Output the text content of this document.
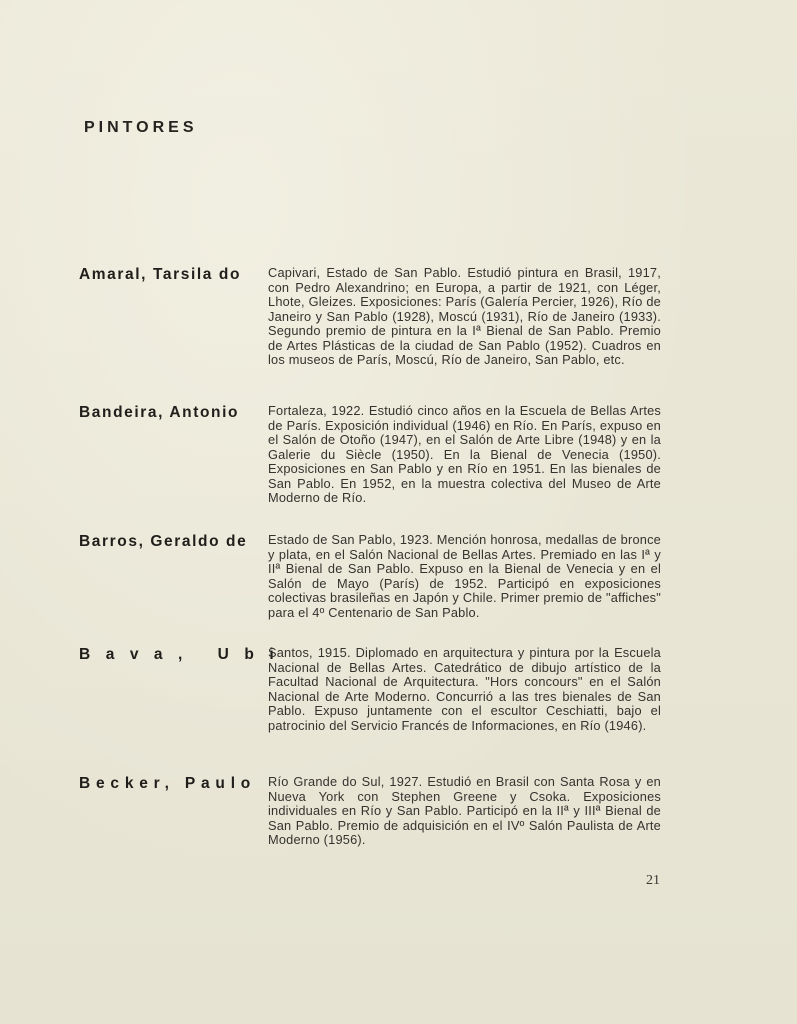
PINTORES

Amaral, Tarsila do	Capivari, Estado de San Pablo. Estudió pintura en Brasil, 1917, con Pedro Alexandrino; en Europa, a partir de 1921, con Léger, Lhote, Gleizes. Exposiciones: París (Galería Percier, 1926), Río de Janeiro y San Pablo (1928), Moscú (1931), Río de Janeiro (1933). Segundo premio de pintura en la Iª Bienal de San Pablo. Premio de Artes Plásticas de la ciudad de San Pablo (1952). Cuadros en los museos de París, Moscú, Río de Janeiro, San Pablo, etc.

Bandeira, Antonio	Fortaleza, 1922. Estudió cinco años en la Escuela de Bellas Artes de París. Exposición individual (1946) en Río. En París, expuso en el Salón de Otoño (1947), en el Salón de Arte Libre (1948) y en la Galerie du Siècle (1950). En la Bienal de Venecia (1950). Exposiciones en San Pablo y en Río en 1951. En las bienales de San Pablo. En 1952, en la muestra colectiva del Museo de Arte Moderno de Río.

Barros, Geraldo de Estado de San Pablo, 1923. Mención honrosa, medallas de bronce y plata, en el Salón Nacional de Bellas Artes. Premiado en las Iª y IIª Bienal de San Pablo. Expuso en la Bienal de Venecia y en el Salón de Mayo (París) de 1952. Participó en exposiciones colectivas brasileñas en Japón y Chile. Primer premio de "affiches" para el 4º Centenario de San Pablo.

Bava, Ubi

Santos, 1915. Diplomado en arquitectura y pintura por la Escuela Nacional de Bellas Artes. Catedrático de dibujo artístico de la Facultad Nacional de Arquitectura. "Hors concours" en el Salón Nacional de Arte Moderno. Concurrió a las tres bienales de San Pablo. Expuso juntamente con el escultor Ceschiatti, bajo el patrocinio del Servicio Francés de Informaciones, en Río (1946).

Becker, Paulo Río Grande do Sul, 1927. Estudió en Brasil con Santa Rosa y en Nueva York con Stephen Greene y Csoka. Exposiciones individuales en Río y San Pablo. Participó en la IIª y IIIª Bienal de San Pablo. Premio de adquisición en el IVº Salón Paulista de Arte Moderno (1956).

21
